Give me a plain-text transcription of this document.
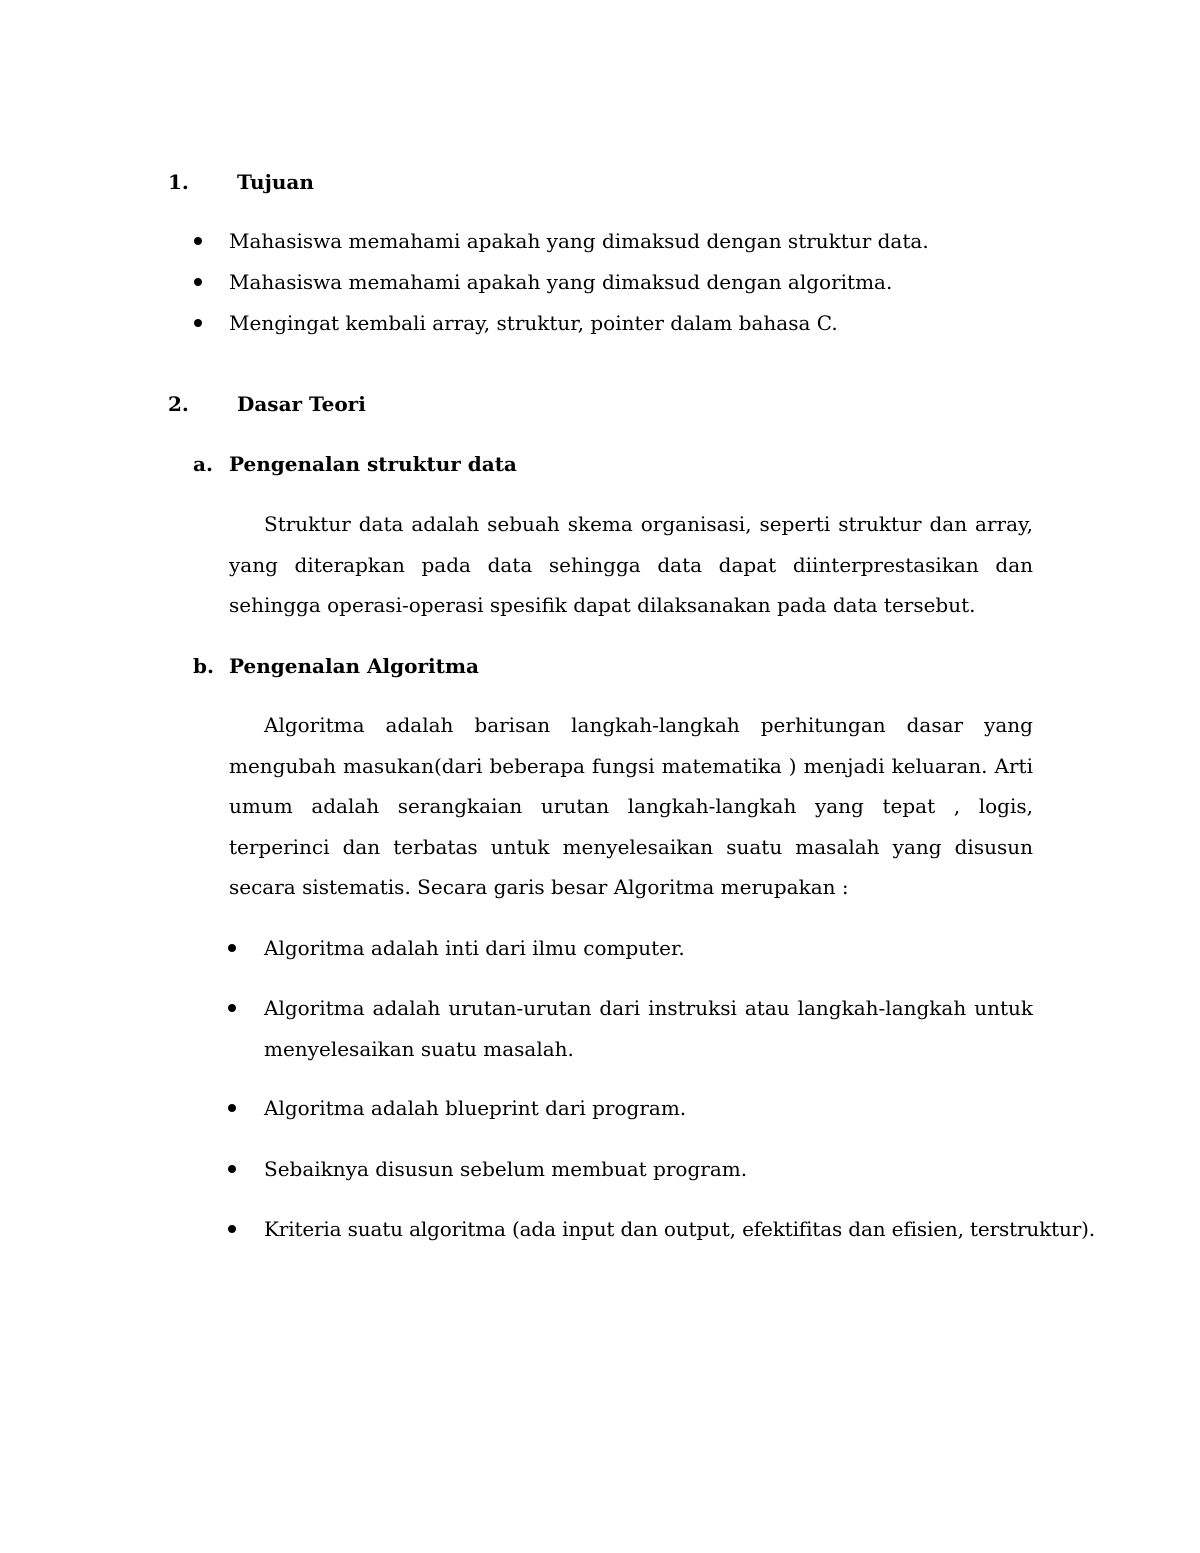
1. Tujuan
Mahasiswa memahami apakah yang dimaksud dengan struktur data.
Mahasiswa memahami apakah yang dimaksud dengan algoritma.
Mengingat kembali array, struktur, pointer dalam bahasa C.
2. Dasar Teori
a. Pengenalan struktur data

Struktur data adalah sebuah skema organisasi, seperti struktur dan array, yang diterapkan pada data sehingga data dapat diinterprestasikan dan sehingga operasi-operasi spesifik dapat dilaksanakan pada data tersebut.

b. Pengenalan Algoritma

Algoritma adalah barisan langkah-langkah perhitungan dasar yang mengubah masukan(dari beberapa fungsi matematika ) menjadi keluaran. Arti umum adalah serangkaian urutan langkah-langkah yang tepat , logis, terperinci dan terbatas untuk menyelesaikan suatu masalah yang disusun secara sistematis. Secara garis besar Algoritma merupakan :

Algoritma adalah inti dari ilmu computer.
Algoritma adalah urutan-urutan dari instruksi atau langkah-langkah untuk menyelesaikan suatu masalah.
Algoritma adalah blueprint dari program.
Sebaiknya disusun sebelum membuat program.
Kriteria suatu algoritma (ada input dan output, efektifitas dan efisien, terstruktur).
